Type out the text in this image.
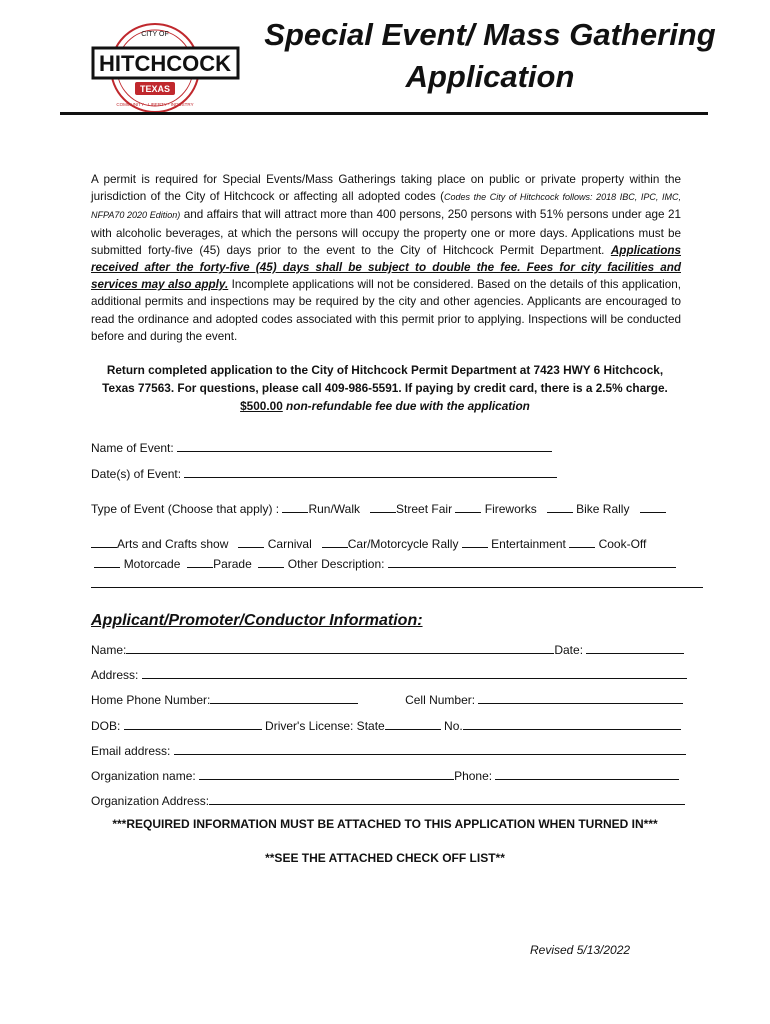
HITCHCOCK
CITY OF
TEXAS
COMMUNITY - LIBERTY - INDUSTRY
Special Event/ Mass Gathering
Application
A permit is required for Special Events/Mass Gatherings taking place on public or private property within the jurisdiction of the City of Hitchcock or affecting all adopted codes (Codes the City of Hitchcock follows: 2018 IBC, IPC, IMC, NFPA70 2020 Edition) and affairs that will attract more than 400 persons, 250 persons with 51% persons under age 21 with alcoholic beverages, at which the persons will occupy the property one or more days. Applications must be submitted forty-five (45) days prior to the event to the City of Hitchcock Permit Department. Applications received after the forty-five (45) days shall be subject to double the fee. Fees for city facilities and services may also apply. Incomplete applications will not be considered. Based on the details of this application, additional permits and inspections may be required by the city and other agencies. Applicants are encouraged to read the ordinance and adopted codes associated with this permit prior to applying. Inspections will be conducted before and during the event.
Return completed application to the City of Hitchcock Permit Department at 7423 HWY 6 Hitchcock,
Texas 77563. For questions, please call 409-986-5591. If paying by credit card, there is a 2.5% charge.
$500.00 non-refundable fee due with the application
Name of Event:
Date(s) of Event:
Type of Event (Choose that apply) : Run/Walk	Street Fair	Fireworks	Bike Rally
Arts and Crafts show	Carnival	Car/Motorcycle Rally	Entertainment	Cook-Off
Motorcade	Parade	Other Description:
Applicant/Promoter/Conductor Information:
Name:	Date:
Address:
Home Phone Number:	Cell Number:
DOB:	Driver's License: State	No.
Email address:
Organization name:	Phone:
Organization Address:
***REQUIRED INFORMATION MUST BE ATTACHED TO THIS APPLICATION WHEN TURNED IN***
**SEE THE ATTACHED CHECK OFF LIST**
Revised 5/13/2022
